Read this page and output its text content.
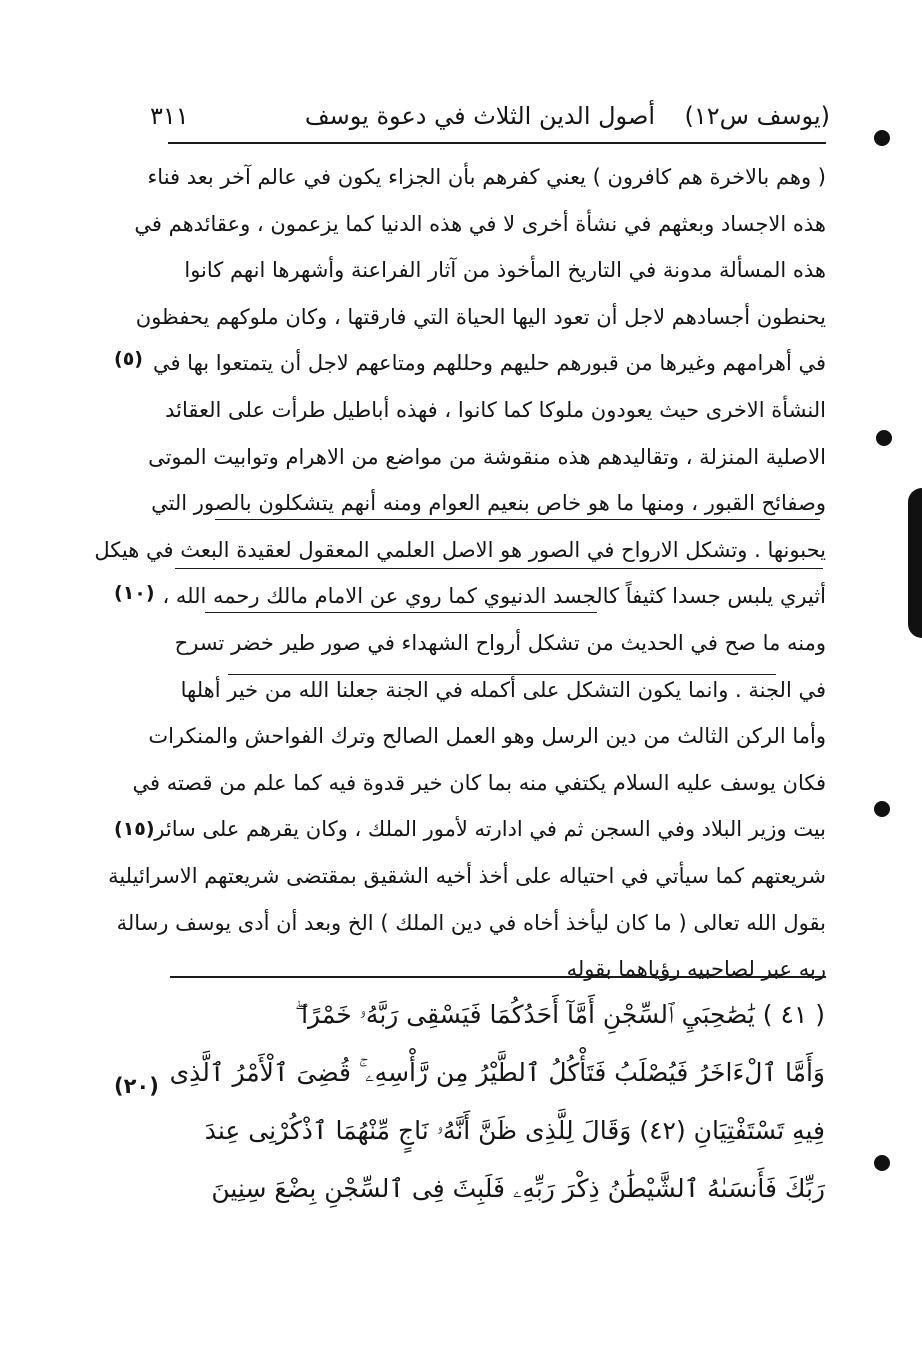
(يوسف س١٢)
أصول الدين الثلاث في دعوة يوسف
٣١١
( وهم بالاخرة هم كافرون ) يعني كفرهم بأن الجزاء يكون في عالم آخر بعد فناء
هذه الاجساد وبعثهم في نشأة أخرى لا في هذه الدنيا كما يزعمون ، وعقائدهم في
هذه المسألة مدونة في التاريخ المأخوذ من آثار الفراعنة وأشهرها انهم كانوا
يحنطون أجسادهم لاجل أن تعود اليها الحياة التي فارقتها ، وكان ملوكهم يحفظون
في أهرامهم وغيرها من قبورهم حليهم وحللهم ومتاعهم لاجل أن يتمتعوا بها في
النشأة الاخرى حيث يعودون ملوكا كما كانوا ، فهذه أباطيل طرأت على العقائد
الاصلية المنزلة ، وتقاليدهم هذه منقوشة من مواضع من الاهرام وتوابيت الموتى
وصفائح القبور ، ومنها ما هو خاص بنعيم العوام ومنه أنهم يتشكلون بالصور التي
يحبونها . وتشكل الارواح في الصور هو الاصل العلمي المعقول لعقيدة البعث في هيكل
أثيري يلبس جسدا كثيفاً كالجسد الدنيوي كما روي عن الامام مالك رحمه الله ،
ومنه ما صح في الحديث من تشكل أرواح الشهداء في صور طير خضر تسرح
في الجنة . وانما يكون التشكل على أكمله في الجنة جعلنا الله من خير أهلها
وأما الركن الثالث من دين الرسل وهو العمل الصالح وترك الفواحش والمنكرات
فكان يوسف عليه السلام يكتفي منه بما كان خير قدوة فيه كما علم من قصته في
بيت وزير البلاد وفي السجن ثم في ادارته لأمور الملك ، وكان يقرهم على سائر
شريعتهم كما سيأتي في احتياله على أخذ أخيه الشقيق بمقتضى شريعتهم الاسرائيلية
بقول الله تعالى ( ما كان ليأخذ أخاه في دين الملك ) الخ وبعد أن أدى يوسف رسالة
ربه عبر لصاحبيه رؤياهما بقوله
( ٤١ ) يَٰصَٰحِبَيِ ٱلسِّجْنِ أَمَّآ أَحَدُكُمَا فَيَسْقِى رَبَّهُۥ خَمْرًا ۖ
وَأَمَّا ٱلْءَاخَرُ فَيُصْلَبُ فَتَأْكُلُ ٱلطَّيْرُ مِن رَّأْسِهِۦ ۚ قُضِىَ ٱلْأَمْرُ ٱلَّذِى
فِيهِ تَسْتَفْتِيَانِ (٤٢) وَقَالَ لِلَّذِى ظَنَّ أَنَّهُۥ نَاجٍ مِّنْهُمَا ٱذْكُرْنِى عِندَ
رَبِّكَ فَأَنسَىٰهُ ٱلشَّيْطَٰنُ ذِكْرَ رَبِّهِۦ فَلَبِثَ فِى ٱلسِّجْنِ بِضْعَ سِنِينَ
(٥)
(١٠)
(١٥)
(٢٠)
